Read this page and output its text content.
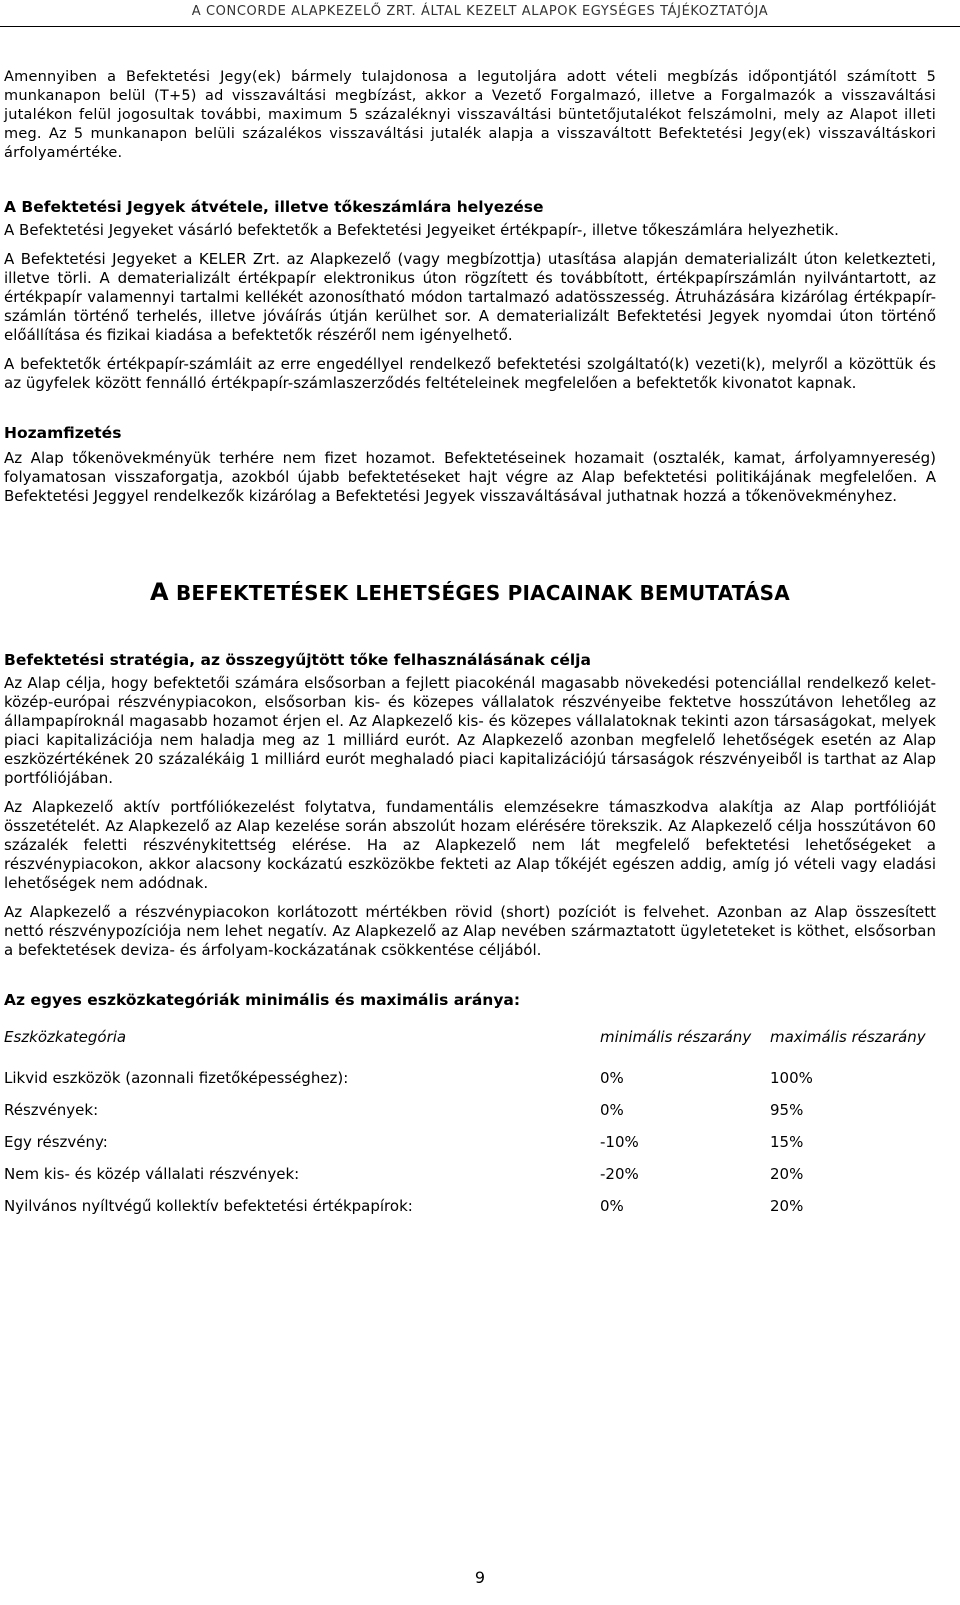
A CONCORDE ALAPKEZELŐ ZRT. ÁLTAL KEZELT ALAPOK EGYSÉGES TÁJÉKOZTATÓJA

Amennyiben a Befektetési Jegy(ek) bármely tulajdonosa a legutoljára adott vételi megbízás időpontjától számított 5 munkanapon belül (T+5) ad visszaváltási megbízást, akkor a Vezető Forgalmazó, illetve a Forgalmazók a visszaváltási jutalékon felül jogosultak további, maximum 5 százaléknyi visszaváltási büntetőjutalékot felszámolni, mely az Alapot illeti meg. Az 5 munkanapon belüli százalékos visszaváltási jutalék alapja a visszaváltott Befektetési Jegy(ek) visszaváltáskori árfolyamértéke.

A Befektetési Jegyek átvétele, illetve tőkeszámlára helyezése

A Befektetési Jegyeket vásárló befektetők a Befektetési Jegyeiket értékpapír-, illetve tőkeszámlára helyezhetik.

A Befektetési Jegyeket a KELER Zrt. az Alapkezelő (vagy megbízottja) utasítása alapján dematerializált úton keletkezteti, illetve törli. A dematerializált értékpapír elektronikus úton rögzített és továbbított, értékpapírszámlán nyilvántartott, az értékpapír valamennyi tartalmi kellékét azonosítható módon tartalmazó adatösszesség. Átruházására kizárólag értékpapír-számlán történő terhelés, illetve jóváírás útján kerülhet sor. A dematerializált Befektetési Jegyek nyomdai úton történő előállítása és fizikai kiadása a befektetők részéről nem igényelhető.

A befektetők értékpapír-számláit az erre engedéllyel rendelkező befektetési szolgáltató(k) vezeti(k), melyről a közöttük és az ügyfelek között fennálló értékpapír-számlaszerződés feltételeinek megfelelően a befektetők kivonatot kapnak.

Hozamfizetés

Az Alap tőkenövekményük terhére nem fizet hozamot. Befektetéseinek hozamait (osztalék, kamat, árfolyamnyereség) folyamatosan visszaforgatja, azokból újabb befektetéseket hajt végre az Alap befektetési politikájának megfelelően. A Befektetési Jeggyel rendelkezők kizárólag a Befektetési Jegyek visszaváltásával juthatnak hozzá a tőkenövekményhez.

A BEFEKTETÉSEK LEHETSÉGES PIACAINAK BEMUTATÁSA
Befektetési stratégia, az összegyűjtött tőke felhasználásának célja

Az Alap célja, hogy befektetői számára elsősorban a fejlett piacokénál magasabb növekedési potenciállal rendelkező kelet-közép-európai részvénypiacokon, elsősorban kis- és közepes vállalatok részvényeibe fektetve hosszútávon lehetőleg az állampapíroknál magasabb hozamot érjen el. Az Alapkezelő kis- és közepes vállalatoknak tekinti azon társaságokat, melyek piaci kapitalizációja nem haladja meg az 1 milliárd eurót. Az Alapkezelő azonban megfelelő lehetőségek esetén az Alap eszközértékének 20 százalékáig 1 milliárd eurót meghaladó piaci kapitalizációjú társaságok részvényeiből is tarthat az Alap portfóliójában.

Az Alapkezelő aktív portfóliókezelést folytatva, fundamentális elemzésekre támaszkodva alakítja az Alap portfólióját összetételét. Az Alapkezelő az Alap kezelése során abszolút hozam elérésére törekszik. Az Alapkezelő célja hosszútávon 60 százalék feletti részvénykitettség elérése. Ha az Alapkezelő nem lát megfelelő befektetési lehetőségeket a részvénypiacokon, akkor alacsony kockázatú eszközökbe fekteti az Alap tőkéjét egészen addig, amíg jó vételi vagy eladási lehetőségek nem adódnak.

Az Alapkezelő a részvénypiacokon korlátozott mértékben rövid (short) pozíciót is felvehet. Azonban az Alap összesített nettó részvénypozíciója nem lehet negatív. Az Alapkezelő az Alap nevében származtatott ügyleteteket is köthet, elsősorban a befektetések deviza- és árfolyam-kockázatának csökkentése céljából.

Az egyes eszközkategóriák minimális és maximális aránya:
Eszközkategória	minimális részarány	maximális részarány

Likvid eszközök (azonnali fizetőképességhez):	0%	100%
Részvények:	0%	95%
Egy részvény:	-10%	15%
Nem kis- és közép vállalati részvények:	-20%	20%
Nyilvános nyíltvégű kollektív befektetési értékpapírok:	0%	20%
9
